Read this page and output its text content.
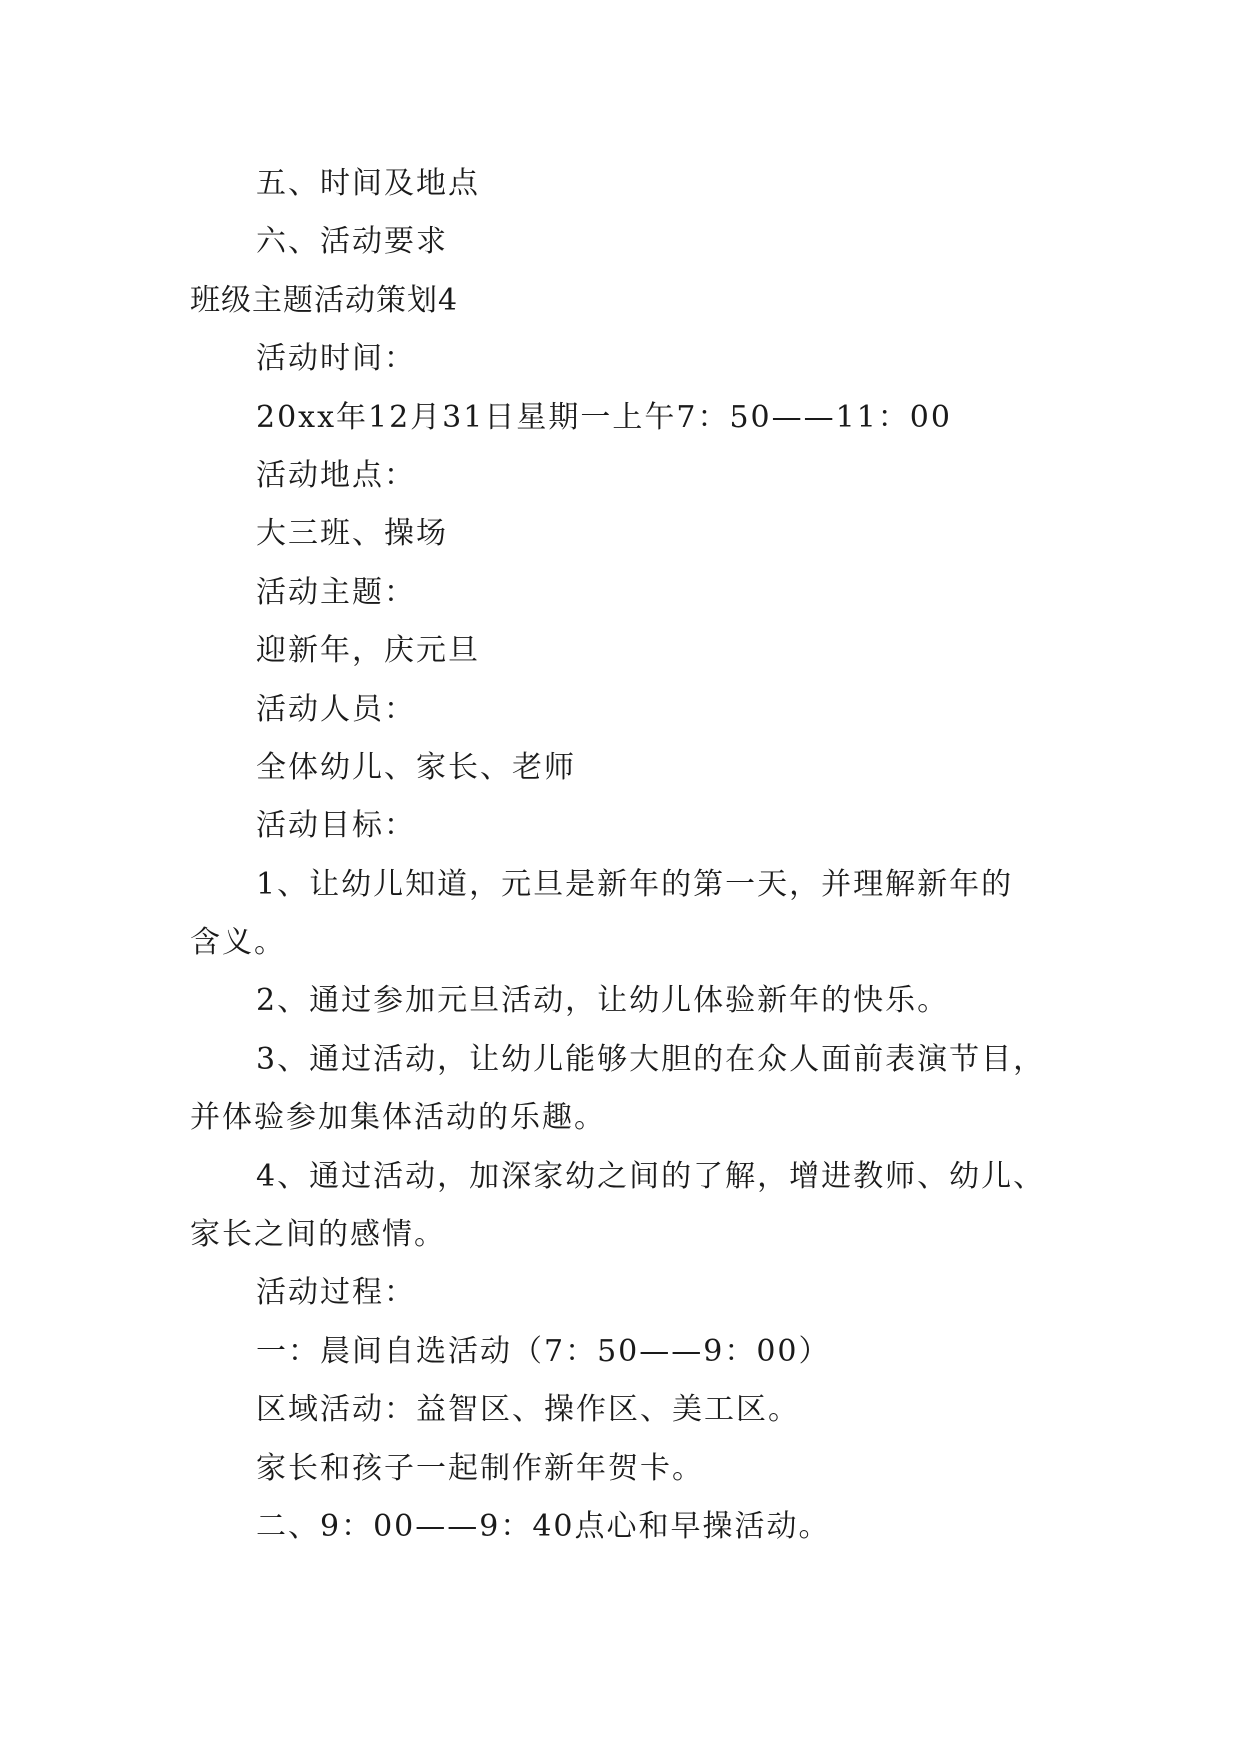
五、时间及地点
六、活动要求
班级主题活动策划4
活动时间：
20xx年12月31日星期一上午7：50——11：00
活动地点：
大三班、操场
活动主题：
迎新年，庆元旦
活动人员：
全体幼儿、家长、老师
活动目标：
1、让幼儿知道，元旦是新年的第一天，并理解新年的
含义。
2、通过参加元旦活动，让幼儿体验新年的快乐。
3、通过活动，让幼儿能够大胆的在众人面前表演节目，
并体验参加集体活动的乐趣。
4、通过活动，加深家幼之间的了解，增进教师、幼儿、
家长之间的感情。
活动过程：
一：晨间自选活动（7：50——9：00）
区域活动：益智区、操作区、美工区。
家长和孩子一起制作新年贺卡。
二、9：00——9：40点心和早操活动。
